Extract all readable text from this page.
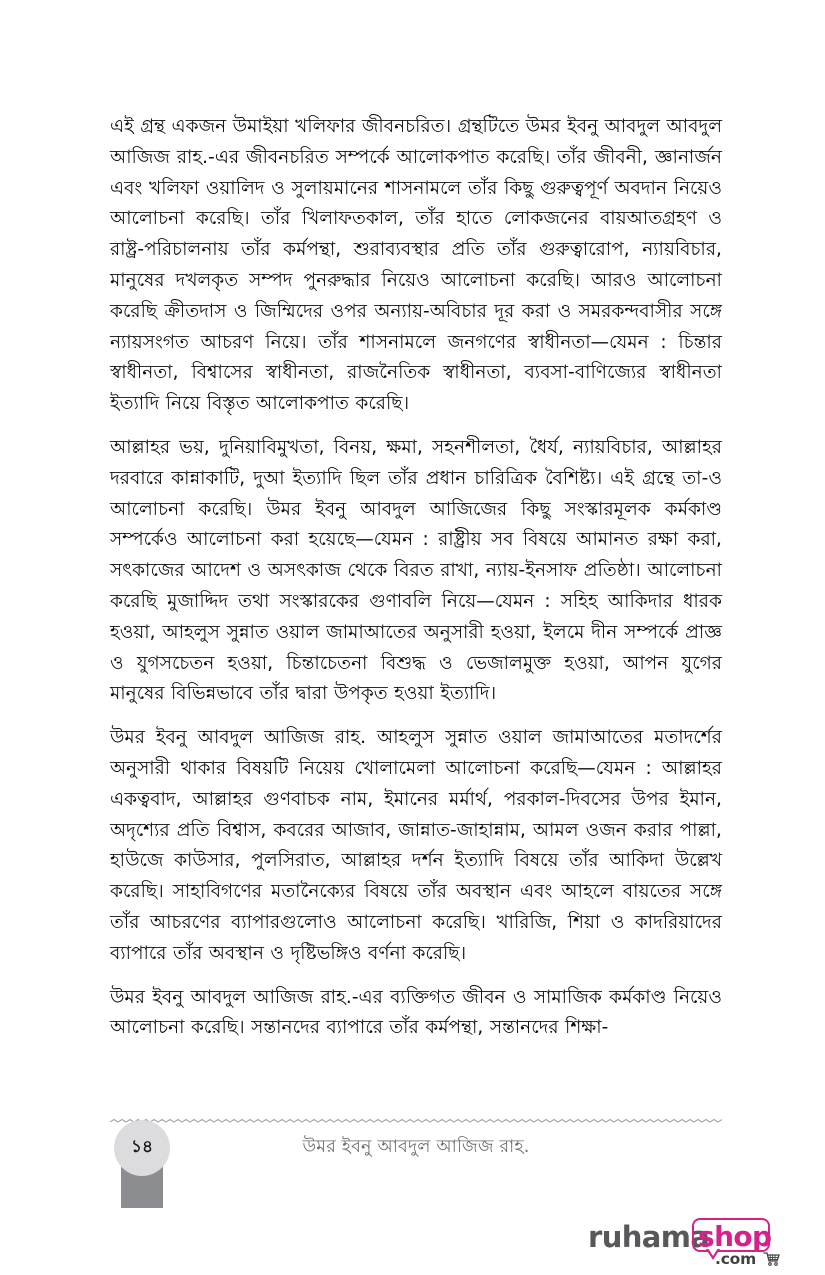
এই গ্রন্থ একজন উমাইয়া খলিফার জীবনচরিত। গ্রন্থটিতে উমর ইবনু আবদুল আবদুল আজিজ রাহ.-এর জীবনচরিত সম্পর্কে আলোকপাত করেছি। তাঁর জীবনী, জ্ঞানার্জন এবং খলিফা ওয়ালিদ ও সুলায়মানের শাসনামলে তাঁর কিছু গুরুত্বপূর্ণ অবদান নিয়েও আলোচনা করেছি। তাঁর খিলাফতকাল, তাঁর হাতে লোকজনের বায়আতগ্রহণ ও রাষ্ট্র-পরিচালনায় তাঁর কর্মপন্থা, শুরাব্যবস্থার প্রতি তাঁর গুরুত্বারোপ, ন্যায়বিচার, মানুষের দখলকৃত সম্পদ পুনরুদ্ধার নিয়েও আলোচনা করেছি। আরও আলোচনা করেছি ক্রীতদাস ও জিম্মিদের ওপর অন্যায়-অবিচার দূর করা ও সমরকন্দবাসীর সঙ্গে ন্যায়সংগত আচরণ নিয়ে। তাঁর শাসনামলে জনগণের স্বাধীনতা—যেমন : চিন্তার স্বাধীনতা, বিশ্বাসের স্বাধীনতা, রাজনৈতিক স্বাধীনতা, ব্যবসা-বাণিজ্যের স্বাধীনতা ইত্যাদি নিয়ে বিস্তৃত আলোকপাত করেছি।

আল্লাহর ভয়, দুনিয়াবিমুখতা, বিনয়, ক্ষমা, সহনশীলতা, ধৈর্য, ন্যায়বিচার, আল্লাহর দরবারে কান্নাকাটি, দুআ ইত্যাদি ছিল তাঁর প্রধান চারিত্রিক বৈশিষ্ট্য। এই গ্রন্থে তা-ও আলোচনা করেছি। উমর ইবনু আবদুল আজিজের কিছু সংস্কারমূলক কর্মকাণ্ড সম্পর্কেও আলোচনা করা হয়েছে—যেমন : রাষ্ট্রীয় সব বিষয়ে আমানত রক্ষা করা, সৎকাজের আদেশ ও অসৎকাজ থেকে বিরত রাখা, ন্যায়-ইনসাফ প্রতিষ্ঠা। আলোচনা করেছি মুজাদ্দিদ তথা সংস্কারকের গুণাবলি নিয়ে—যেমন : সহিহ আকিদার ধারক হওয়া, আহলুস সুন্নাত ওয়াল জামাআতের অনুসারী হওয়া, ইলমে দীন সম্পর্কে প্রাজ্ঞ ও যুগসচেতন হওয়া, চিন্তাচেতনা বিশুদ্ধ ও ভেজালমুক্ত হওয়া, আপন যুগের মানুষের বিভিন্নভাবে তাঁর দ্বারা উপকৃত হওয়া ইত্যাদি।

উমর ইবনু আবদুল আজিজ রাহ. আহলুস সুন্নাত ওয়াল জামাআতের মতাদর্শের অনুসারী থাকার বিষয়টি নিয়েয় খোলামেলা আলোচনা করেছি—যেমন : আল্লাহর একত্ববাদ, আল্লাহর গুণবাচক নাম, ইমানের মর্মার্থ, পরকাল-দিবসের উপর ইমান, অদৃশ্যের প্রতি বিশ্বাস, কবরের আজাব, জান্নাত-জাহান্নাম, আমল ওজন করার পাল্লা, হাউজে কাউসার, পুলসিরাত, আল্লাহর দর্শন ইত্যাদি বিষয়ে তাঁর আকিদা উল্লেখ করেছি। সাহাবিগণের মতানৈক্যের বিষয়ে তাঁর অবস্থান এবং আহলে বায়তের সঙ্গে তাঁর আচরণের ব্যাপারগুলোও আলোচনা করেছি। খারিজি, শিয়া ও কাদরিয়াদের ব্যাপারে তাঁর অবস্থান ও দৃষ্টিভঙ্গিও বর্ণনা করেছি।

উমর ইবনু আবদুল আজিজ রাহ.-এর ব্যক্তিগত জীবন ও সামাজিক কর্মকাণ্ড নিয়েও আলোচনা করেছি। সন্তানদের ব্যাপারে তাঁর কর্মপন্থা, সন্তানদের শিক্ষা-

১৪	উমর ইবনু আবদুল আজিজ রাহ.
ruhama
shop
.com
